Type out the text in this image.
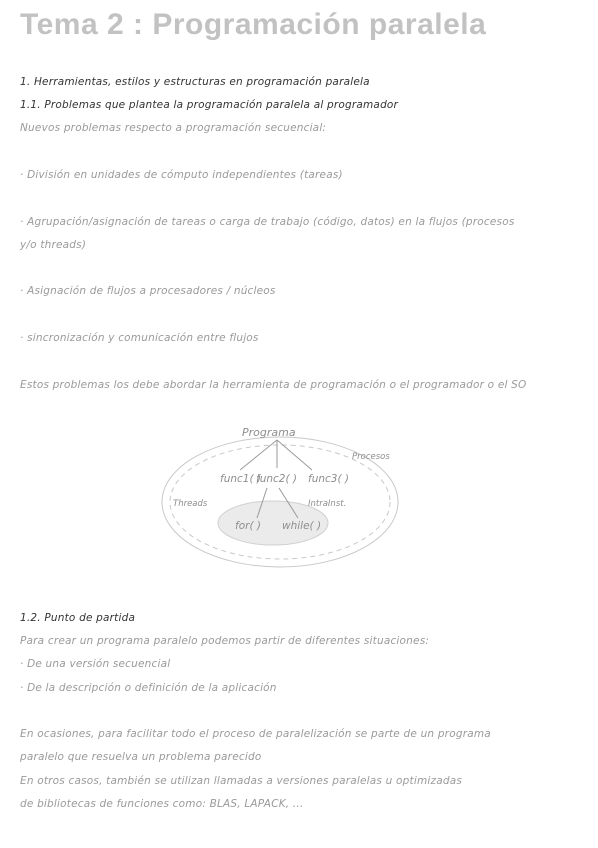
Tema 2 : Programación paralela
1. Herramientas, estilos y estructuras en programación paralela
1.1. Problemas que plantea la programación paralela al programador
Nuevos problemas respecto a programación secuencial:
· División en unidades de cómputo independientes (tareas)
· Agrupación/asignación de tareas o carga de trabajo (código, datos) en la flujos (procesos
y/o threads)
· Asignación de flujos a procesadores / núcleos
· sincronización y comunicación entre flujos
Estos problemas los debe abordar la herramienta de programación o el programador o el SO
Programa
Procesos
func1( )
func2( ) func3( )
Threads	IntraInst.
for( ) while( )
1.2. Punto de partida
Para crear un programa paralelo podemos partir de diferentes situaciones:
· De una versión secuencial
· De la descripción o definición de la aplicación
En ocasiones, para facilitar todo el proceso de paralelización se parte de un programa
paralelo que resuelva un problema parecido
En otros casos, también se utilizan llamadas a versiones paralelas u optimizadas
de bibliotecas de funciones como: BLAS, LAPACK, ...
